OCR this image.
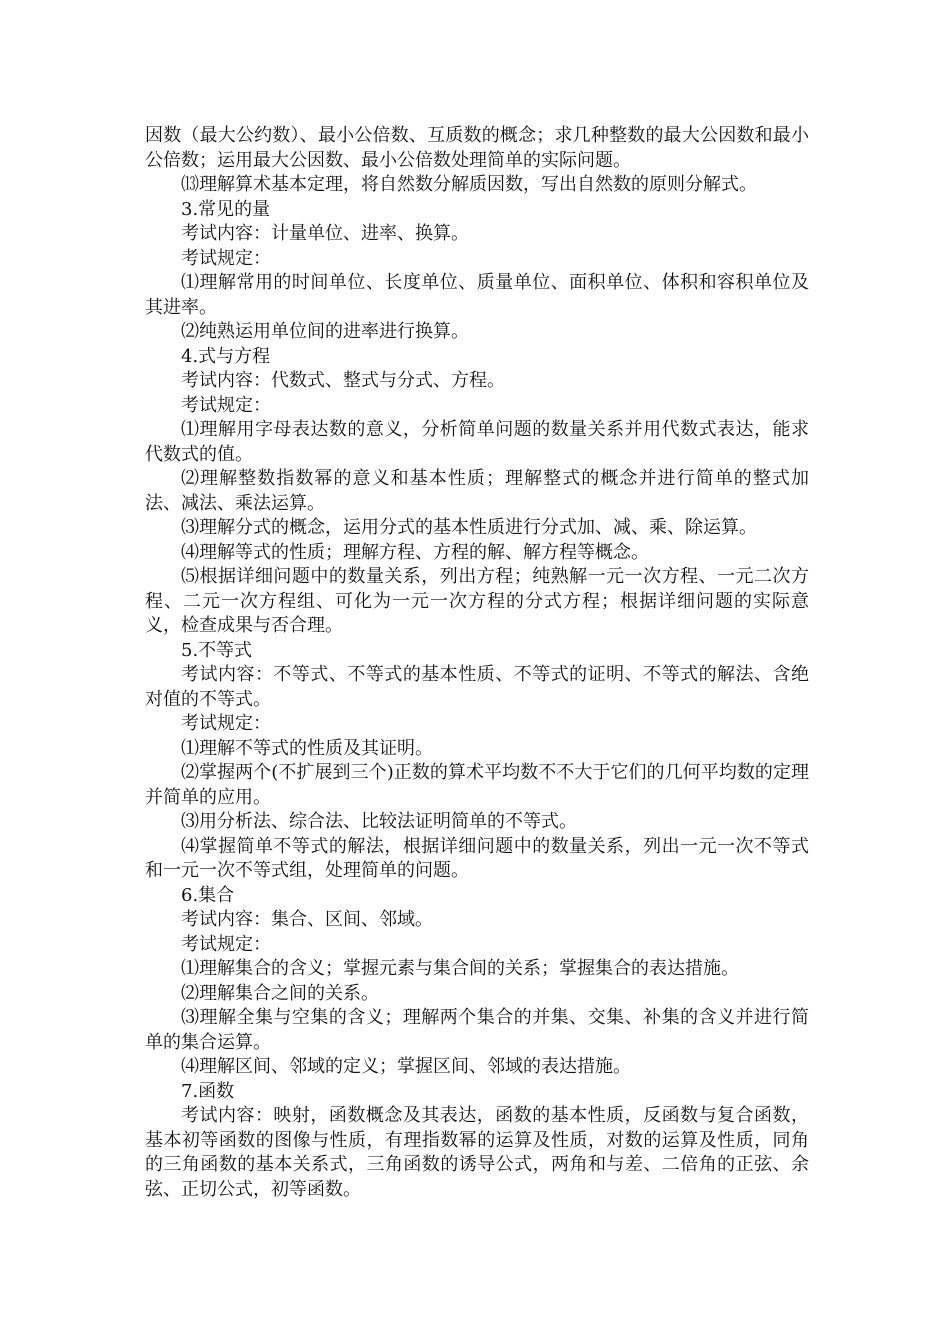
因数（最大公约数）、最小公倍数、互质数的概念；求几种整数的最大公因数和最小公倍数；运用最大公因数、最小公倍数处理简单的实际问题。

⒀理解算术基本定理，将自然数分解质因数，写出自然数的原则分解式。

3.常见的量

考试内容：计量单位、进率、换算。

考试规定：

⑴理解常用的时间单位、长度单位、质量单位、面积单位、体积和容积单位及其进率。

⑵纯熟运用单位间的进率进行换算。

4.式与方程

考试内容：代数式、整式与分式、方程。

考试规定：

⑴理解用字母表达数的意义，分析简单问题的数量关系并用代数式表达，能求代数式的值。

⑵理解整数指数幂的意义和基本性质；理解整式的概念并进行简单的整式加法、减法、乘法运算。

⑶理解分式的概念，运用分式的基本性质进行分式加、减、乘、除运算。

⑷理解等式的性质；理解方程、方程的解、解方程等概念。

⑸根据详细问题中的数量关系，列出方程；纯熟解一元一次方程、一元二次方程、二元一次方程组、可化为一元一次方程的分式方程；根据详细问题的实际意义，检查成果与否合理。

5.不等式

考试内容：不等式、不等式的基本性质、不等式的证明、不等式的解法、含绝对值的不等式。

考试规定：

⑴理解不等式的性质及其证明。

⑵掌握两个(不扩展到三个)正数的算术平均数不不大于它们的几何平均数的定理并简单的应用。

⑶用分析法、综合法、比较法证明简单的不等式。

⑷掌握简单不等式的解法，根据详细问题中的数量关系，列出一元一次不等式和一元一次不等式组，处理简单的问题。

6.集合

考试内容：集合、区间、邻域。

考试规定：

⑴理解集合的含义；掌握元素与集合间的关系；掌握集合的表达措施。

⑵理解集合之间的关系。

⑶理解全集与空集的含义；理解两个集合的并集、交集、补集的含义并进行简单的集合运算。

⑷理解区间、邻域的定义；掌握区间、邻域的表达措施。

7.函数

考试内容：映射，函数概念及其表达，函数的基本性质，反函数与复合函数，基本初等函数的图像与性质，有理指数幂的运算及性质，对数的运算及性质，同角的三角函数的基本关系式，三角函数的诱导公式，两角和与差、二倍角的正弦、余弦、正切公式，初等函数。
